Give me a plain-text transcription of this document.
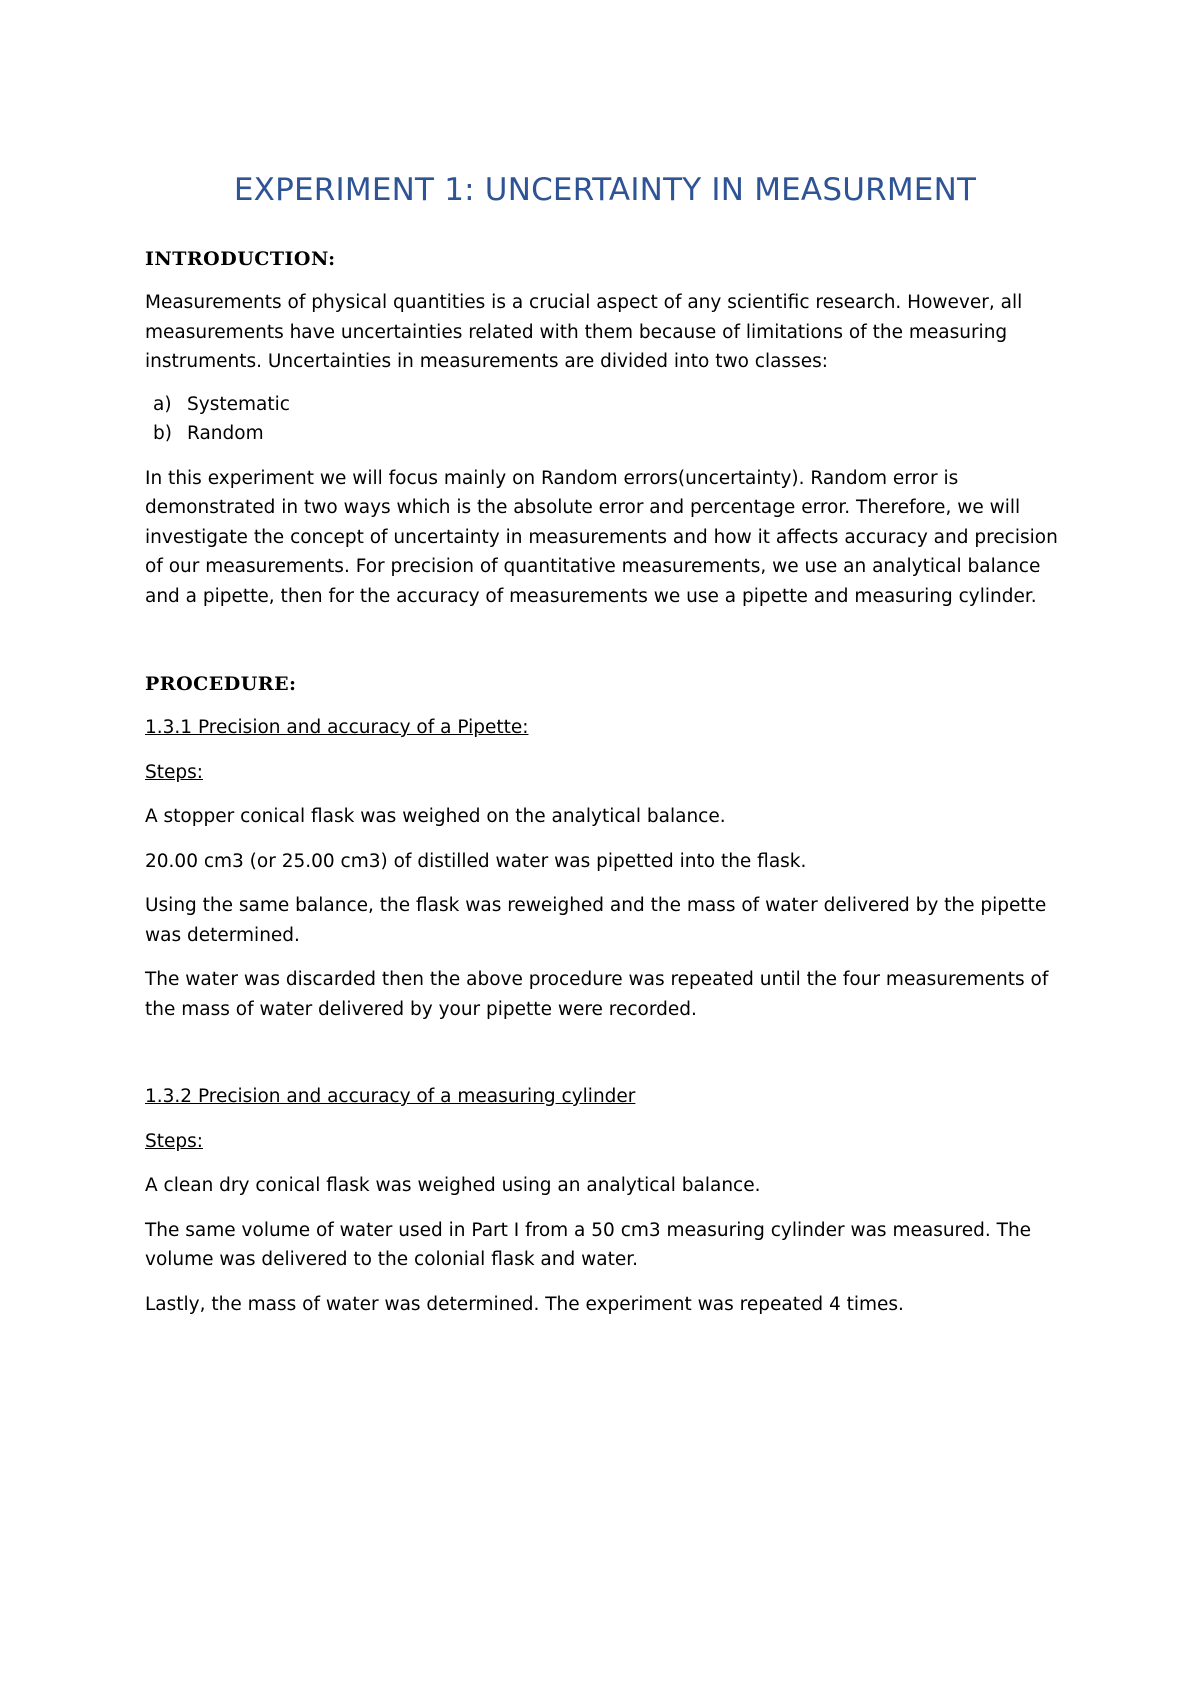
EXPERIMENT 1: UNCERTAINTY IN MEASURMENT
INTRODUCTION:

Measurements of physical quantities is a crucial aspect of any scientific research. However, all measurements have uncertainties related with them because of limitations of the measuring instruments. Uncertainties in measurements are divided into two classes:

a) Systematic
b) Random

In this experiment we will focus mainly on Random errors(uncertainty). Random error is demonstrated in two ways which is the absolute error and percentage error. Therefore, we will investigate the concept of uncertainty in measurements and how it affects accuracy and precision of our measurements. For precision of quantitative measurements, we use an analytical balance and a pipette, then for the accuracy of measurements we use a pipette and measuring cylinder.

PROCEDURE:

1.3.1 Precision and accuracy of a Pipette:

Steps:

A stopper conical flask was weighed on the analytical balance.

20.00 cm3 (or 25.00 cm3) of distilled water was pipetted into the flask.

Using the same balance, the flask was reweighed and the mass of water delivered by the pipette was determined.

The water was discarded then the above procedure was repeated until the four measurements of the mass of water delivered by your pipette were recorded.

1.3.2 Precision and accuracy of a measuring cylinder

Steps:

A clean dry conical flask was weighed using an analytical balance.

The same volume of water used in Part I from a 50 cm3 measuring cylinder was measured. The volume was delivered to the colonial flask and water.

Lastly, the mass of water was determined. The experiment was repeated 4 times.
